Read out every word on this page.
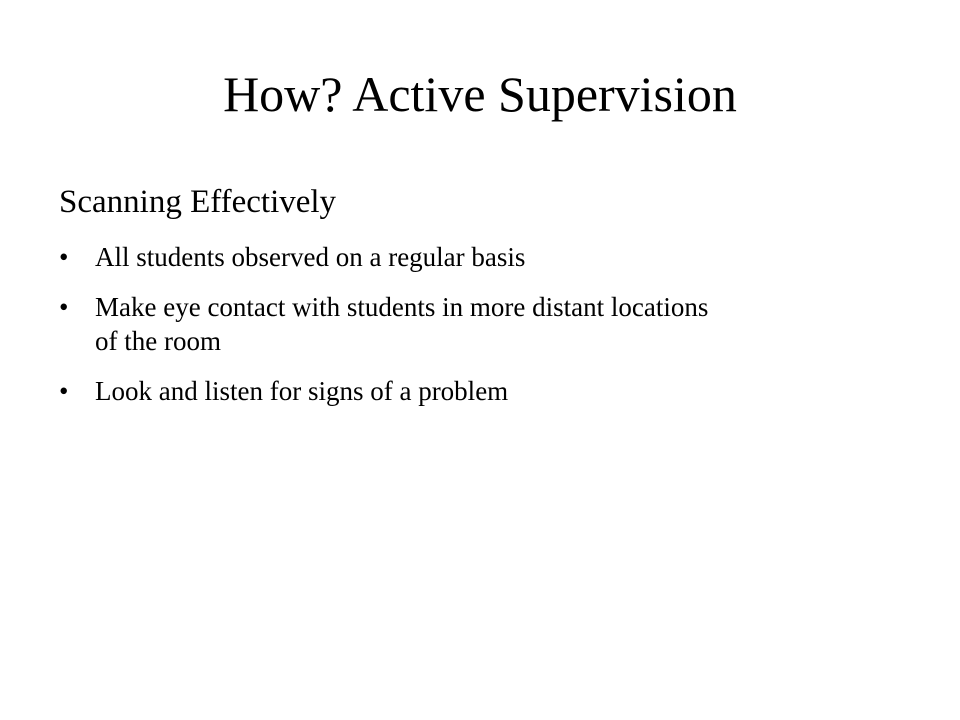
How? Active Supervision
Scanning Effectively
• All students observed on a regular basis
• Make eye contact with students in more distant locations of the room
• Look and listen for signs of a problem
